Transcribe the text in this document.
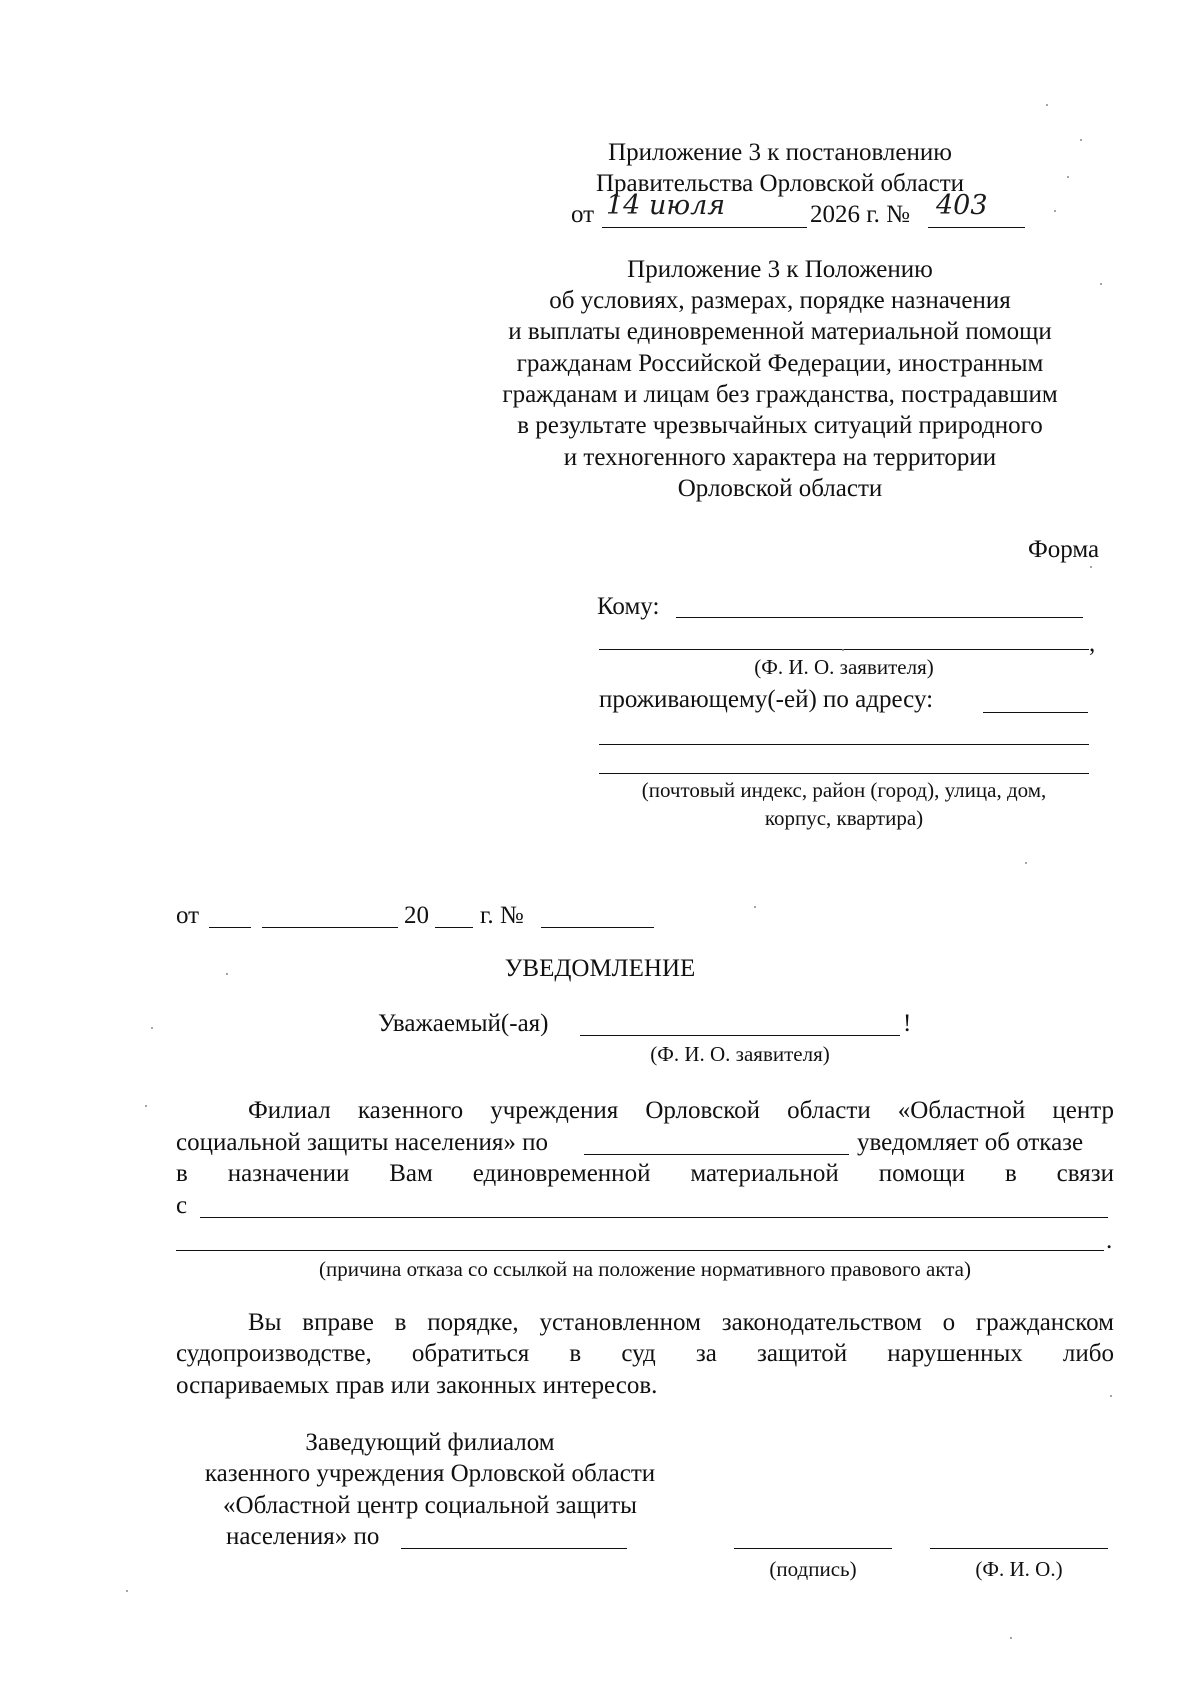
Приложение 3 к постановлению
Правительства Орловской области
от 14 июля	2026 г. № 403
Приложение 3 к Положению
об условиях, размерах, порядке назначения
и выплаты единовременной материальной помощи
гражданам Российской Федерации, иностранным
гражданам и лицам без гражданства, пострадавшим
в результате чрезвычайных ситуаций природного
и техногенного характера на территории
Орловской области
Форма
Кому:
,
(Ф. И. О. заявителя)
проживающему(-ей) по адресу:
(почтовый индекс, район (город), улица, дом,
корпус, квартира)
от	20 г. №
УВЕДОМЛЕНИЕ
Уважаемый(-ая)	!
(Ф. И. О. заявителя)
Филиал казенного учреждения Орловской области «Областной центр
социальной защиты населения» по	уведомляет об отказе
в назначении Вам единовременной материальной помощи в связи
с
.
(причина отказа со ссылкой на положение нормативного правового акта)
Вы вправе в порядке, установленном законодательством о гражданском
судопроизводстве, обратиться в суд за защитой нарушенных либо
оспариваемых прав или законных интересов.
Заведующий филиалом
казенного учреждения Орловской области
«Областной центр социальной защиты
населения» по
(подпись)	(Ф. И. О.)
